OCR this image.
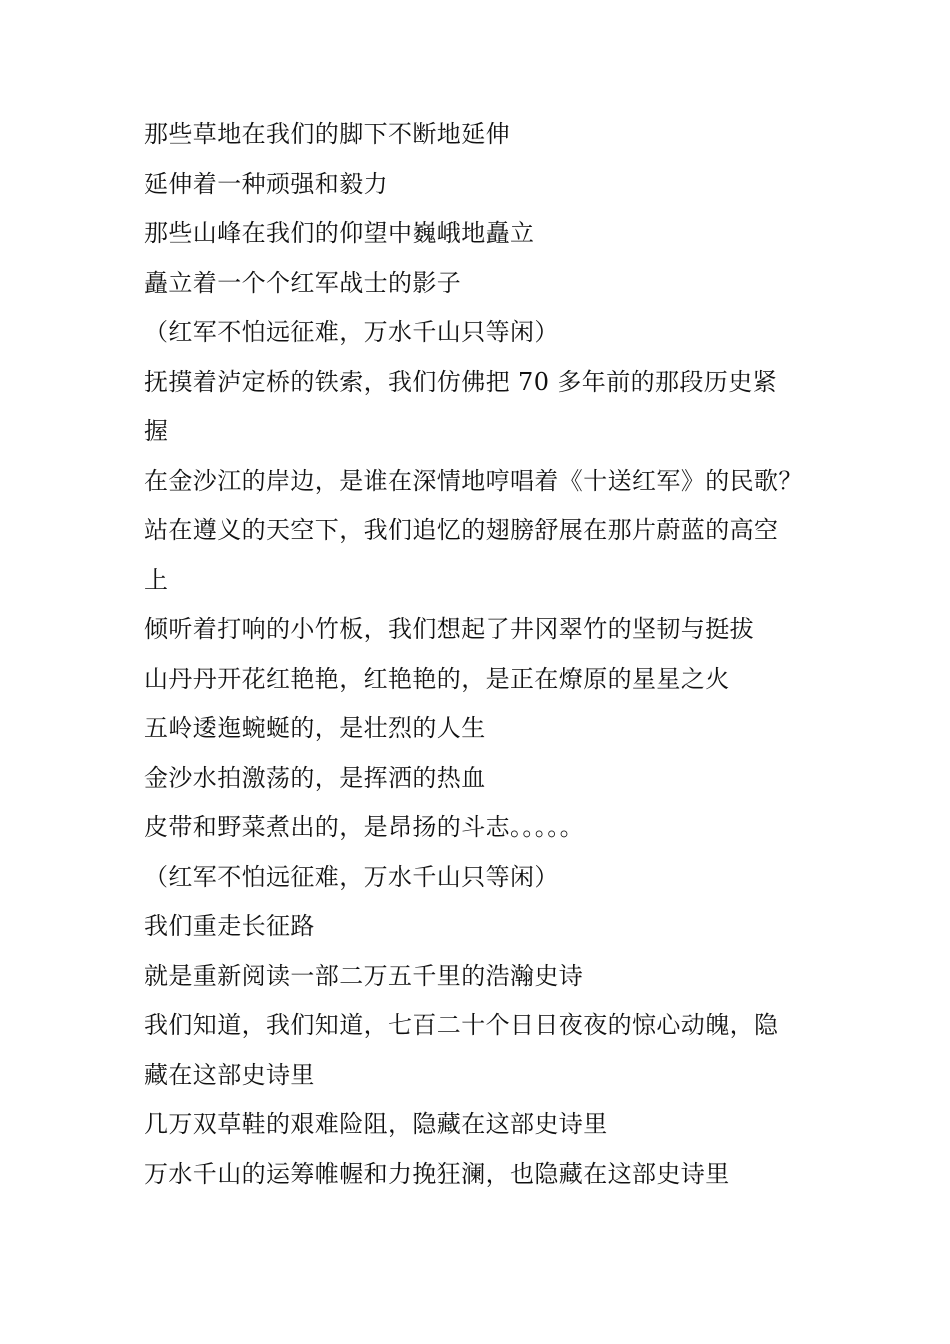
那些草地在我们的脚下不断地延伸
延伸着一种顽强和毅力
那些山峰在我们的仰望中巍峨地矗立
矗立着一个个红军战士的影子
（红军不怕远征难，万水千山只等闲）
抚摸着泸定桥的铁索，我们仿佛把 70 多年前的那段历史紧
握
在金沙江的岸边，是谁在深情地哼唱着《十送红军》的民歌？
站在遵义的天空下，我们追忆的翅膀舒展在那片蔚蓝的高空
上
倾听着打响的小竹板，我们想起了井冈翠竹的坚韧与挺拔
山丹丹开花红艳艳，红艳艳的，是正在燎原的星星之火
五岭逶迤蜿蜒的，是壮烈的人生
金沙水拍激荡的，是挥洒的热血
皮带和野菜煮出的，是昂扬的斗志。。。。。
（红军不怕远征难，万水千山只等闲）
我们重走长征路
就是重新阅读一部二万五千里的浩瀚史诗
我们知道，我们知道，七百二十个日日夜夜的惊心动魄，隐
藏在这部史诗里
几万双草鞋的艰难险阻，隐藏在这部史诗里
万水千山的运筹帷幄和力挽狂澜，也隐藏在这部史诗里
